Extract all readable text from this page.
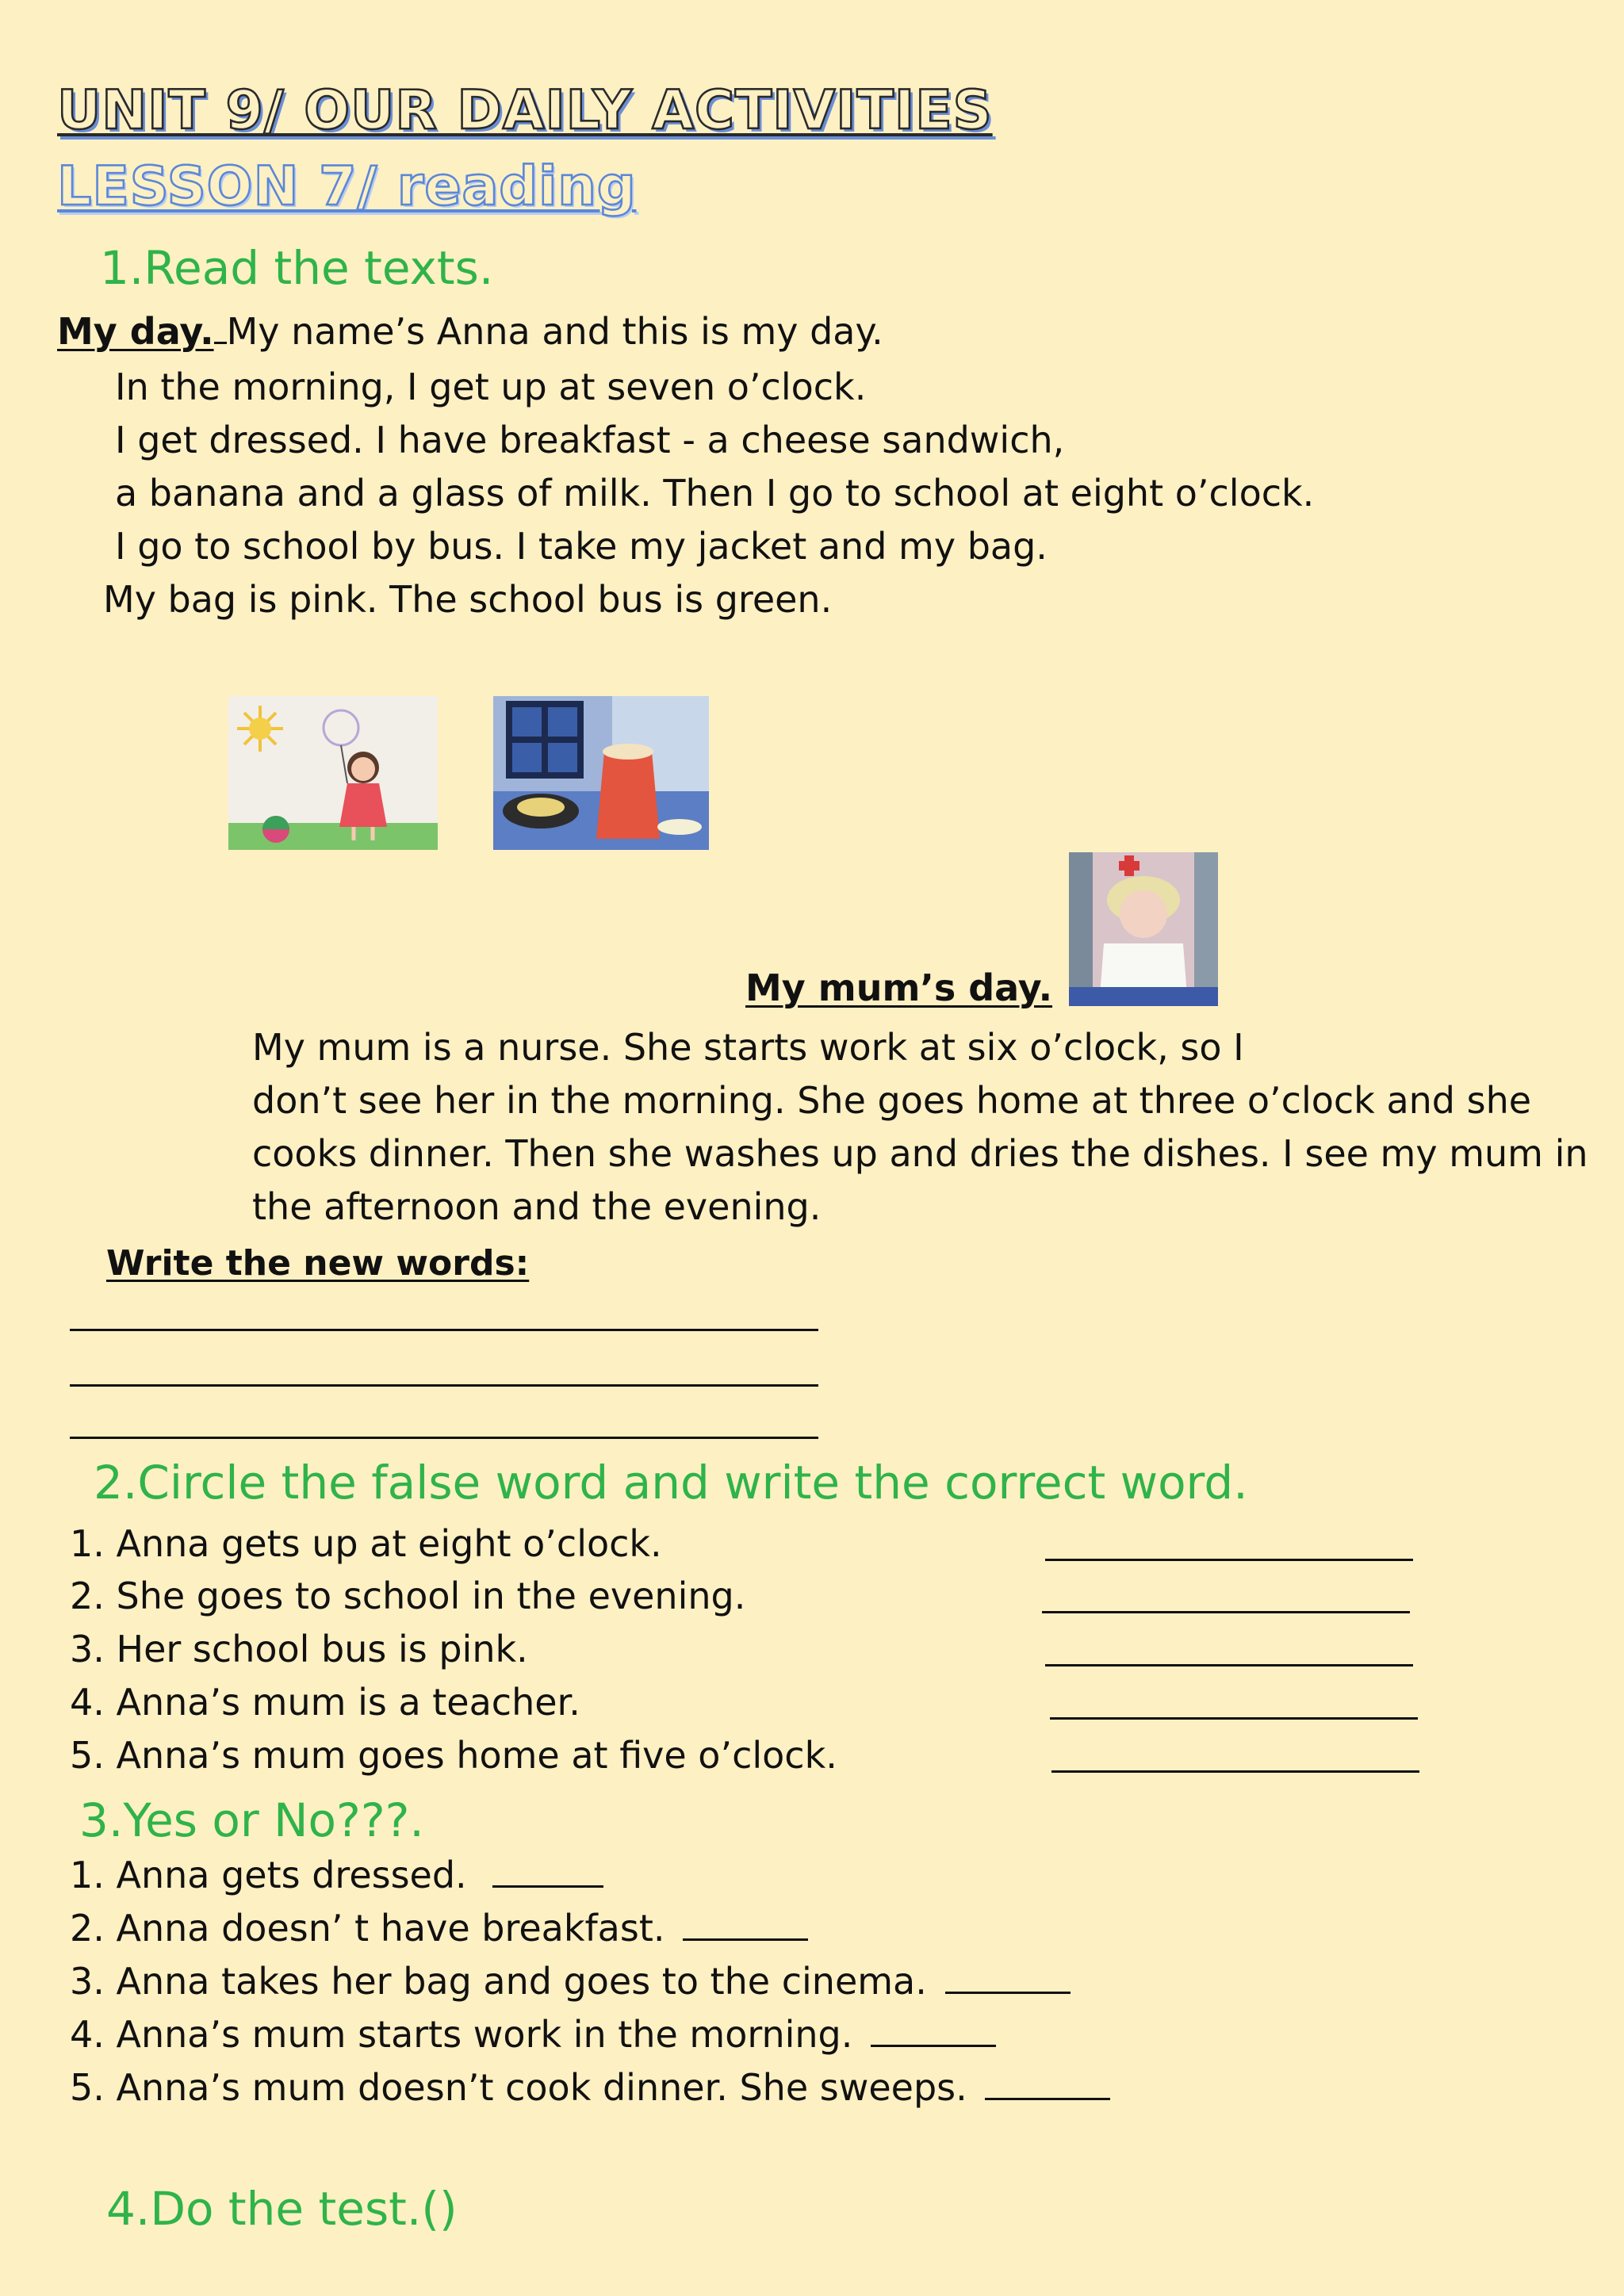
UNIT 9/ OUR DAILY ACTIVITIES
LESSON 7/ reading
1.Read the texts.
My day. My name’s Anna and this is my day.
In the morning, I get up at seven o’clock.
I get dressed. I have breakfast - a cheese sandwich,
a banana and a glass of milk. Then I go to school at eight o’clock.
I go to school by bus. I take my jacket and my bag.
My bag is pink. The school bus is green.
My mum’s day.
My mum is a nurse. She starts work at six o’clock, so I
don’t see her in the morning. She goes home at three o’clock and she
cooks dinner. Then she washes up and dries the dishes. I see my mum in
the afternoon and the evening.
Write the new words:
2.Circle the false word and write the correct word.
1. Anna gets up at eight o’clock.
2. She goes to school in the evening.
3. Her school bus is pink.
4. Anna’s mum is a teacher.
5. Anna’s mum goes home at five o’clock.
3.Yes or No???.
1. Anna gets dressed.
2. Anna doesn’ t have breakfast.
3. Anna takes her bag and goes to the cinema.
4. Anna’s mum starts work in the morning.
5. Anna’s mum doesn’t cook dinner. She sweeps.
4.Do the test.()
